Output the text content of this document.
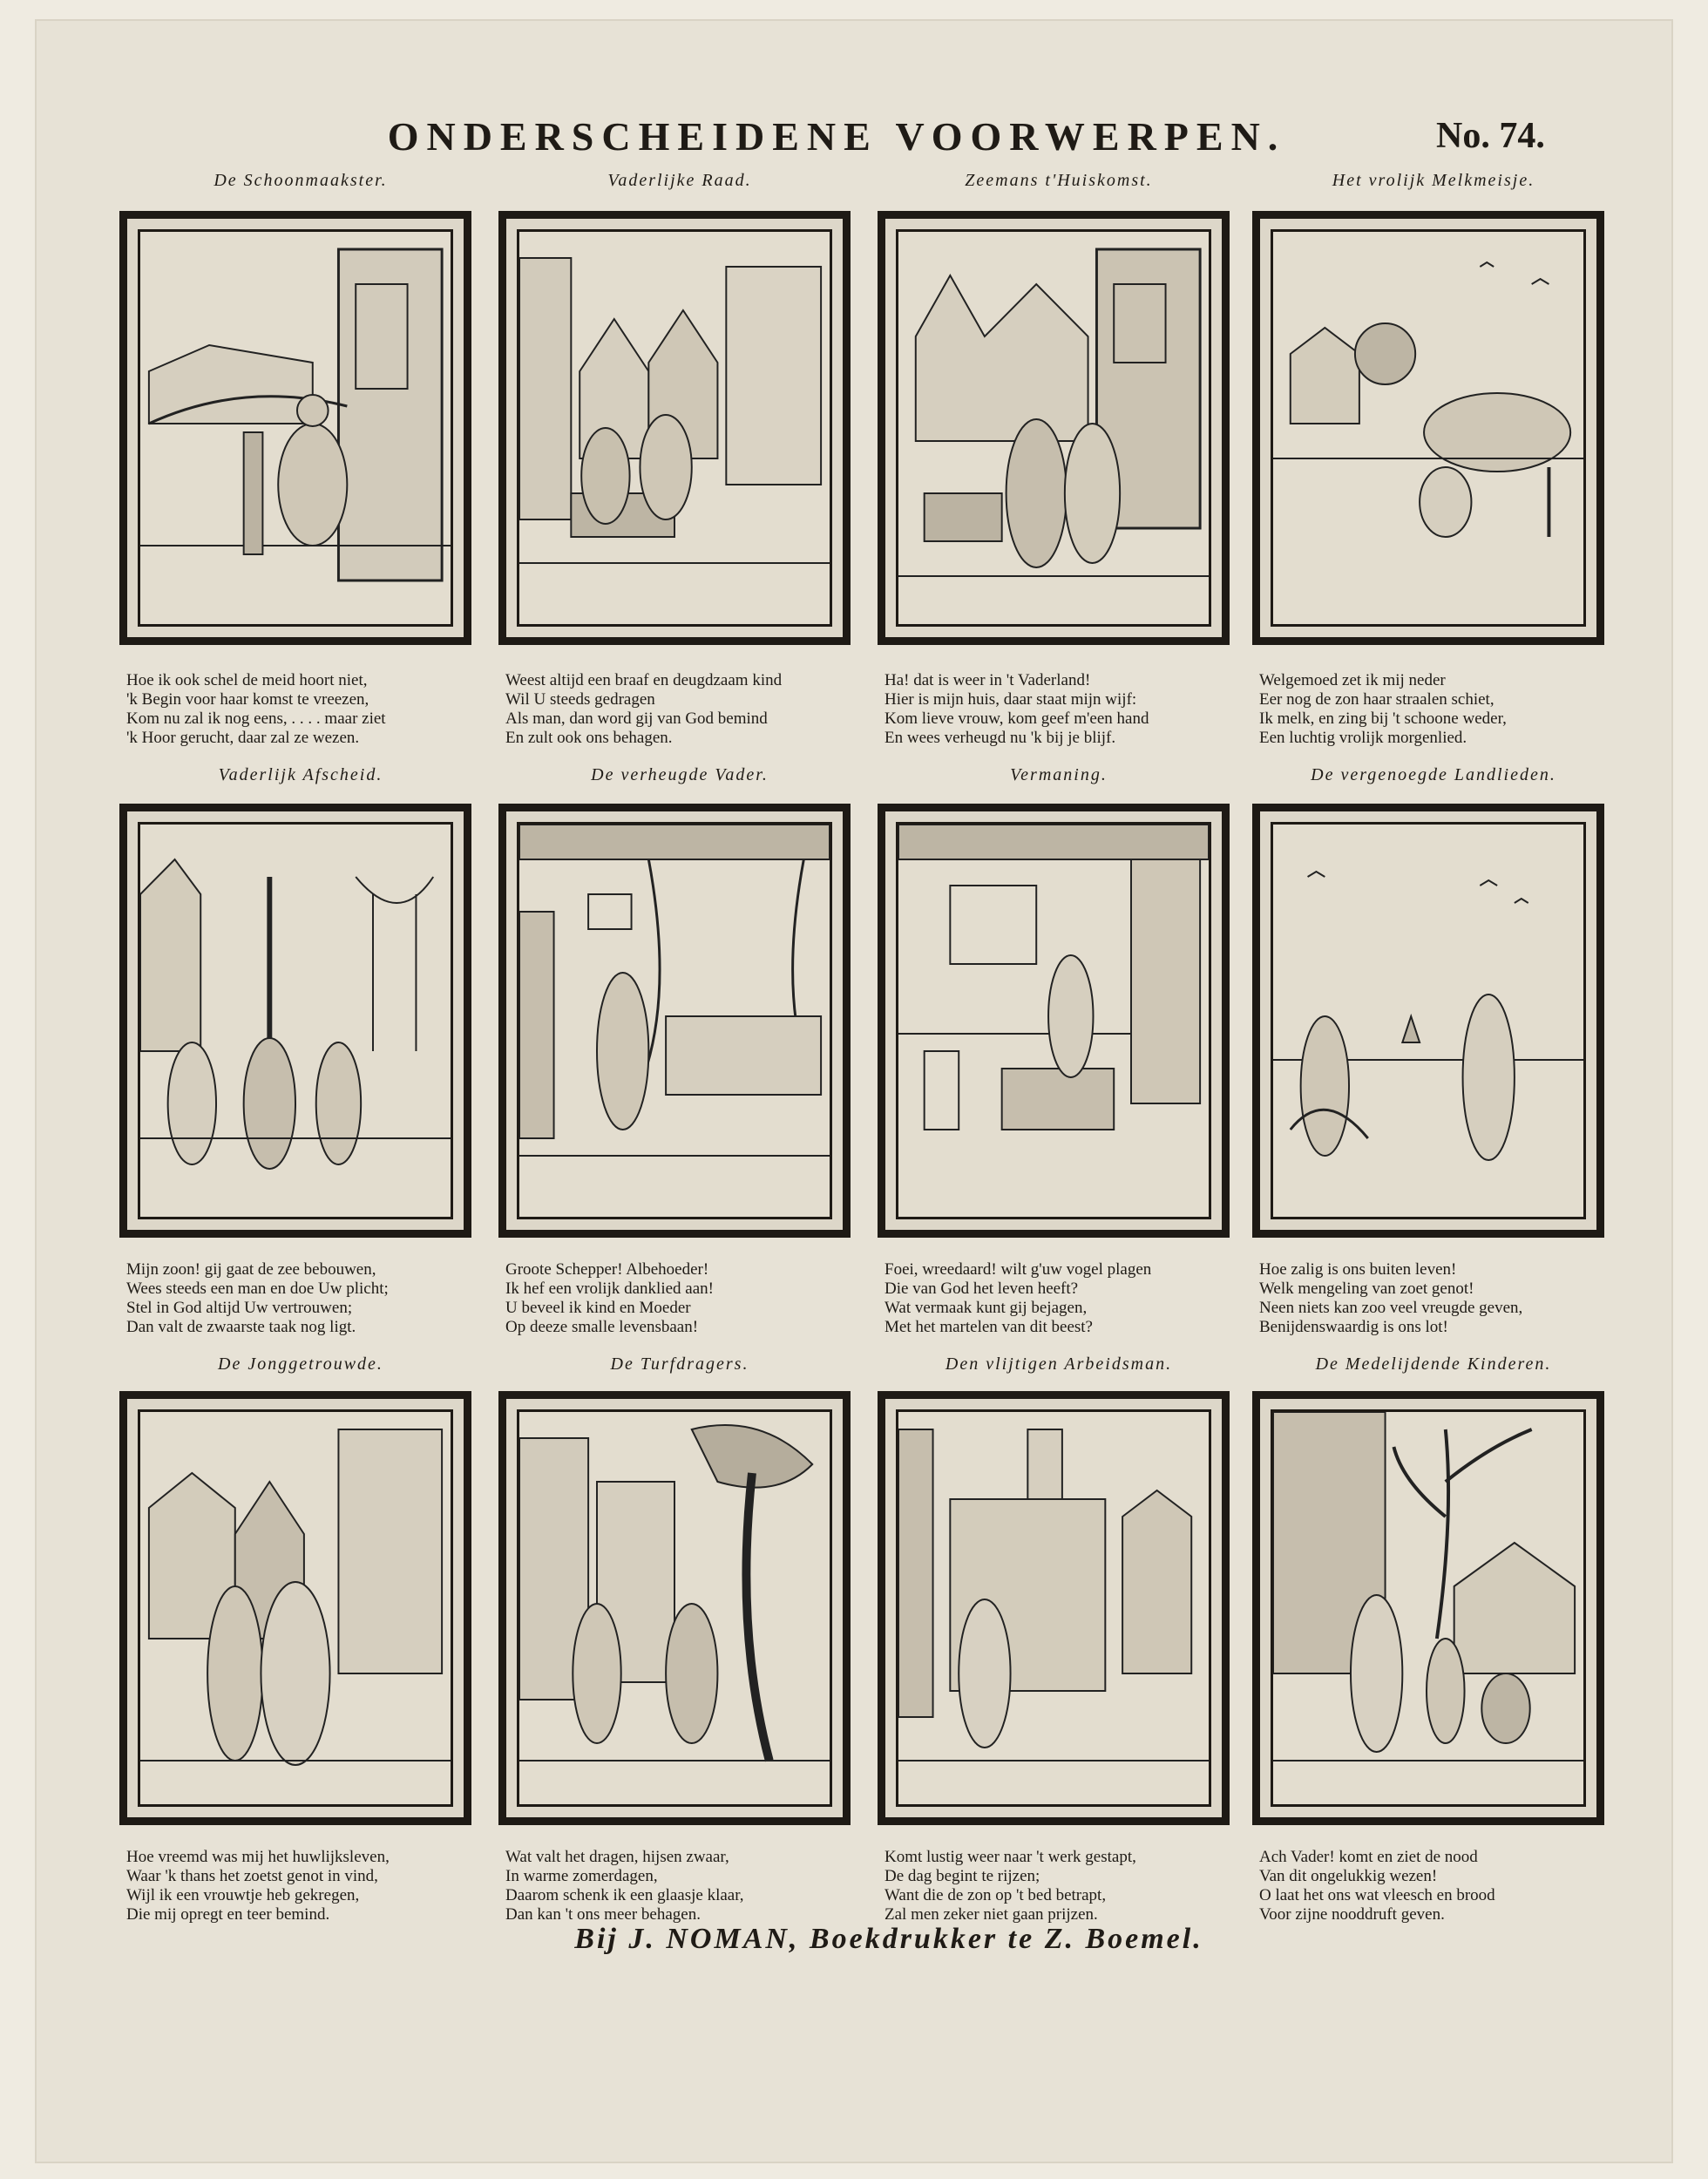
ONDERSCHEIDENE VOORWERPEN.	No. 74.
De Schoonmaakster.
Hoe ik ook schel de meid hoort niet,
'k Begin voor haar komst te vreezen,
Kom nu zal ik nog eens, . . . . maar ziet
'k Hoor gerucht, daar zal ze wezen.
Vaderlijke Raad.
Weest altijd een braaf en deugdzaam kind
Wil U steeds gedragen
Als man, dan word gij van God bemind
En zult ook ons behagen.
Zeemans t'Huiskomst.
Ha! dat is weer in 't Vaderland!
Hier is mijn huis, daar staat mijn wijf:
Kom lieve vrouw, kom geef m'een hand
En wees verheugd nu 'k bij je blijf.
Het vrolijk Melkmeisje.
Welgemoed zet ik mij neder
Eer nog de zon haar straalen schiet,
Ik melk, en zing bij 't schoone weder,
Een luchtig vrolijk morgenlied.
Vaderlijk Afscheid.
Mijn zoon! gij gaat de zee bebouwen,
Wees steeds een man en doe Uw plicht;
Stel in God altijd Uw vertrouwen;
Dan valt de zwaarste taak nog ligt.
De verheugde Vader.
Groote Schepper! Albehoeder!
Ik hef een vrolijk danklied aan!
U beveel ik kind en Moeder
Op deeze smalle levensbaan!
Vermaning.
Foei, wreedaard! wilt g'uw vogel plagen
Die van God het leven heeft?
Wat vermaak kunt gij bejagen,
Met het martelen van dit beest?
De vergenoegde Landlieden.
Hoe zalig is ons buiten leven!
Welk mengeling van zoet genot!
Neen niets kan zoo veel vreugde geven,
Benijdenswaardig is ons lot!
De Jonggetrouwde.
Hoe vreemd was mij het huwlijksleven,
Waar 'k thans het zoetst genot in vind,
Wijl ik een vrouwtje heb gekregen,
Die mij opregt en teer bemind.
De Turfdragers.
Wat valt het dragen, hijsen zwaar,
In warme zomerdagen,
Daarom schenk ik een glaasje klaar,
Dan kan 't ons meer behagen.
Den vlijtigen Arbeidsman.
Komt lustig weer naar 't werk gestapt,
De dag begint te rijzen;
Want die de zon op 't bed betrapt,
Zal men zeker niet gaan prijzen.
De Medelijdende Kinderen.
Ach Vader! komt en ziet de nood
Van dit ongelukkig wezen!
O laat het ons wat vleesch en brood
Voor zijne nooddruft geven.
Bij J. NOMAN, Boekdrukker te Z. Boemel.
